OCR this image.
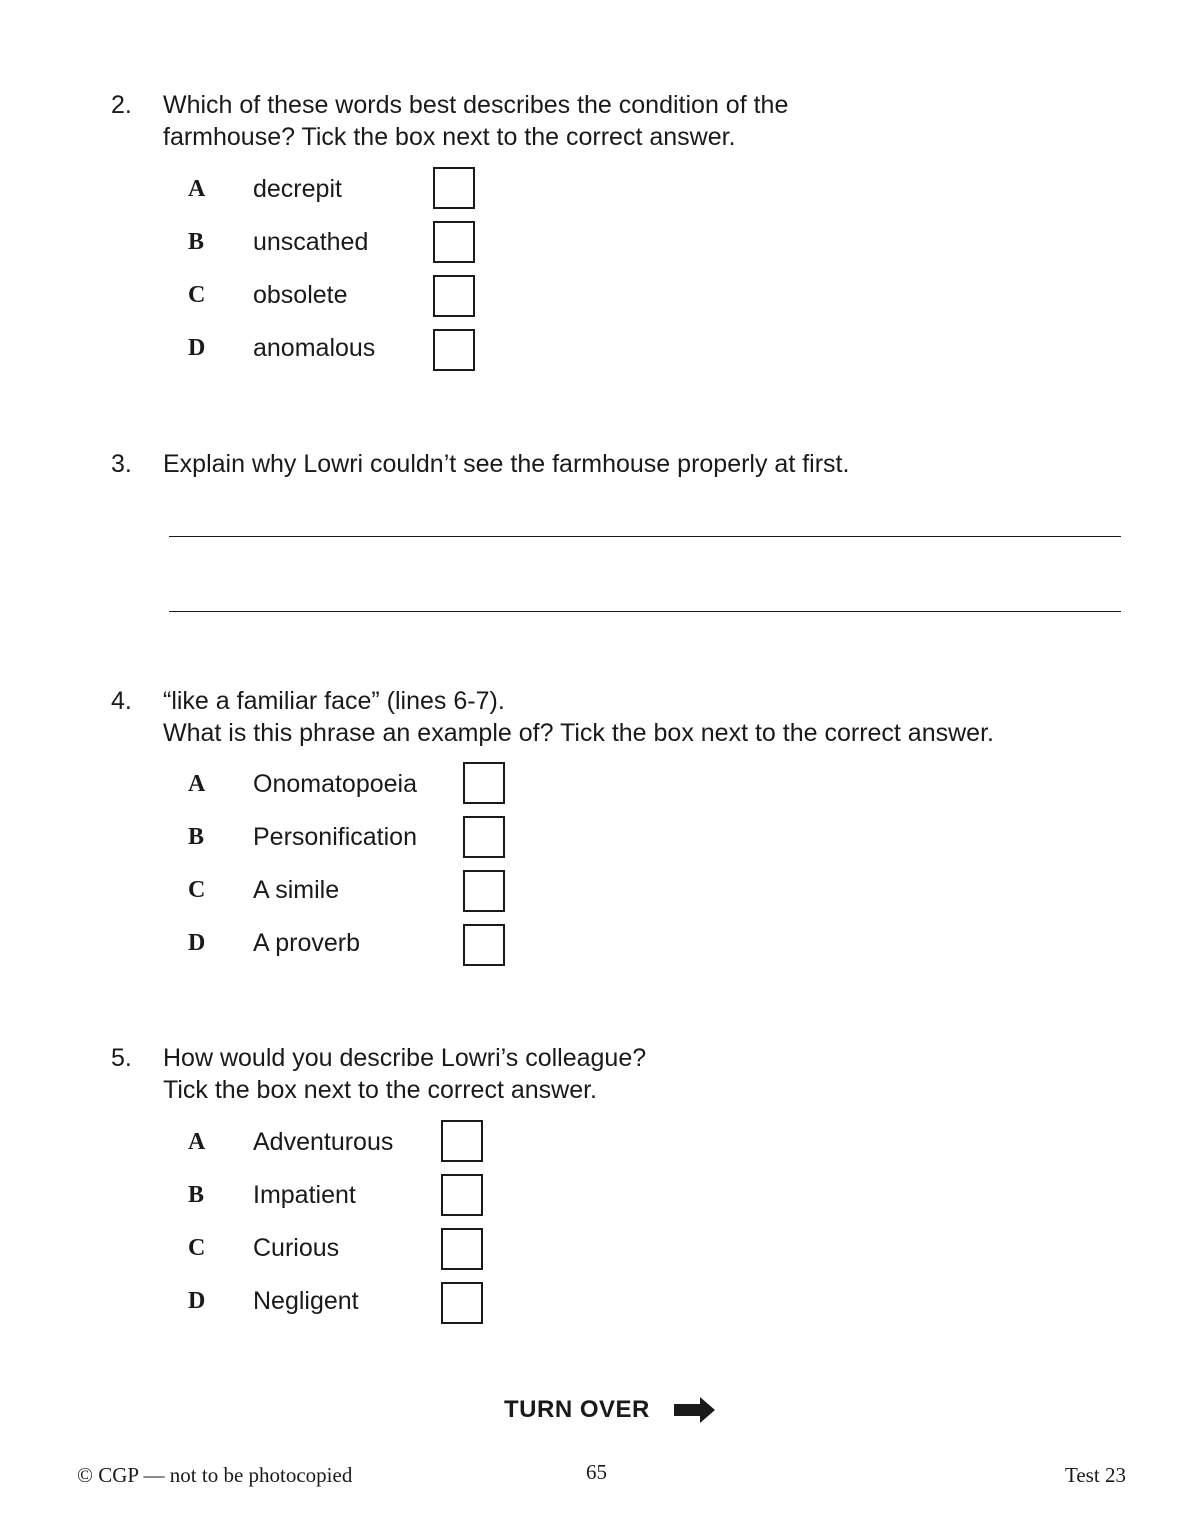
2. Which of these words best describes the condition of the
farmhouse? Tick the box next to the correct answer.
A decrepit
B unscathed
C obsolete
D anomalous
3. Explain why Lowri couldn’t see the farmhouse properly at first.
4. “like a familiar face” (lines 6-7).
What is this phrase an example of? Tick the box next to the correct answer.
A Onomatopoeia
B Personification
C A simile
D A proverb
5. How would you describe Lowri’s colleague?
Tick the box next to the correct answer.
A Adventurous
B Impatient
C Curious
D Negligent
TURN OVER
© CGP — not to be photocopied	65	Test 23
